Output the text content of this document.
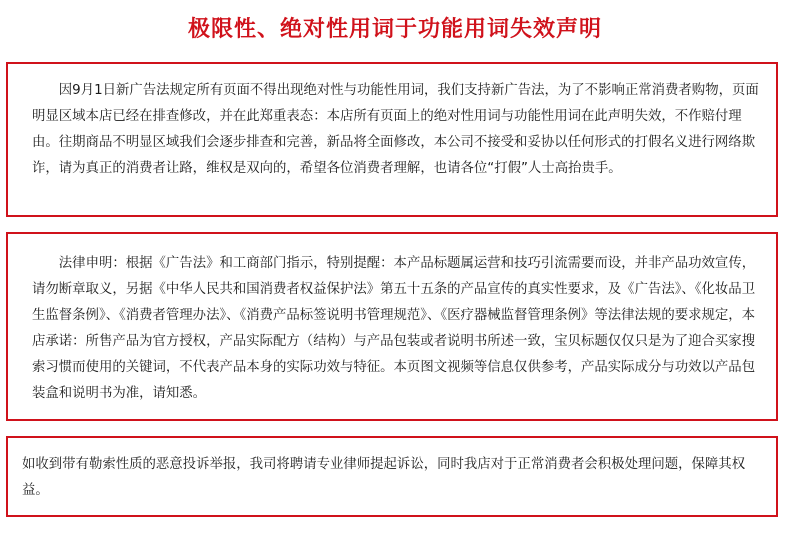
极限性、绝对性用词于功能用词失效声明

因9月1日新广告法规定所有页面不得出现绝对性与功能性用词，我们支持新广告法，为了不影响正常消费者购物，页面明显区域本店已经在排查修改，并在此郑重表态：本店所有页面上的绝对性用词与功能性用词在此声明失效，不作赔付理由。往期商品不明显区域我们会逐步排查和完善，新品将全面修改，本公司不接受和妥协以任何形式的打假名义进行网络欺诈，请为真正的消费者让路，维权是双向的，希望各位消费者理解，也请各位“打假”人士高抬贵手。

法律申明：根据《广告法》和工商部门指示，特别提醒：本产品标题属运营和技巧引流需要而设，并非产品功效宣传，请勿断章取义，另据《中华人民共和国消费者权益保护法》第五十五条的产品宣传的真实性要求，及《广告法》、《化妆品卫生监督条例》、《消费者管理办法》、《消费产品标签说明书管理规范》、《医疗器械监督管理条例》等法律法规的要求规定，本店承诺：所售产品为官方授权，产品实际配方（结构）与产品包装或者说明书所述一致，宝贝标题仅仅只是为了迎合买家搜索习惯而使用的关键词，不代表产品本身的实际功效与特征。本页图文视频等信息仅供参考，产品实际成分与功效以产品包装盒和说明书为准，请知悉。

如收到带有勒索性质的恶意投诉举报，我司将聘请专业律师提起诉讼，同时我店对于正常消费者会积极处理问题，保障其权益。
